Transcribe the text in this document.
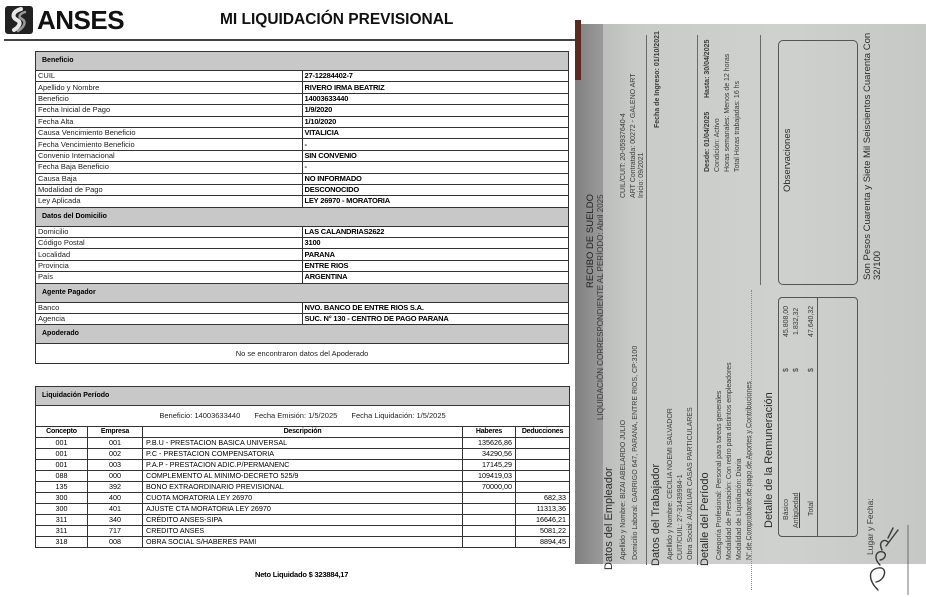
ANSES	MI LIQUIDACIÓN PREVISIONAL
Beneficio	
CUIL	27-12284402-7
Apellido y Nombre	RIVERO IRMA BEATRIZ
Beneficio	14003633440
Fecha Inicial de Pago	1/9/2020
Fecha Alta	1/10/2020
Causa Vencimiento Beneficio	VITALICIA
Fecha Vencimiento Beneficio	-
Convenio Internacional	SIN CONVENIO
Fecha Baja Beneficio	-
Causa Baja	NO INFORMADO
Modalidad de Pago	DESCONOCIDO
Ley Aplicada	LEY 26970 - MORATORIA
Datos del Domicilio	
Domicilio	LAS CALANDRIAS2622
Código Postal	3100
Localidad	PARANA
Provincia	ENTRE RIOS
País	ARGENTINA
Agente Pagador	
Banco	NVO. BANCO DE ENTRE RIOS S.A.
Agencia	SUC. N° 130 - CENTRO DE PAGO PARANA
Apoderado	
No se encontraron datos del Apoderado	
Liquidación Período				
Beneficio: 14003633440 Fecha Emisión: 1/5/2025 Fecha Liquidación: 1/5/2025				
Concepto	Empresa	Descripción	Haberes	Deducciones
001	001	P.B.U - PRESTACION BASICA UNIVERSAL	135626,86	
001	002	P.C - PRESTACION COMPENSATORIA	34290,56	
001	003	P.A.P - PRESTACION ADIC.P/PERMANENC	17145,29	
088	000	COMPLEMENTO AL MINIMO-DECRETO 525/9	109419,03	
135	392	BONO EXTRAORDINARIO PREVISIONAL	70000,00	
300	400	CUOTA MORATORIA LEY 26970		682,33
300	401	AJUSTE CTA MORATORIA LEY 26970		11313,36
311	340	CRÉDITO ANSES-SIPA		16646,21
311	717	CREDITO ANSES		5081,22
318	008	OBRA SOCIAL S/HABERES PAMI		8894,45
Neto Liquidado $ 323884,17
RECIBO DE SUELDO LIQUIDACIÓN CORRESPONDIENTE AL PERÍODO: Abril 2025
Datos del Empleador Apellido y Nombre: BIZAI ABELARDO JULIO Domicilio Laboral: GARRIGO 647, PARANA, ENTRE RIOS, CP:3100
CUIL/CUIT: 20-05937640-4 ART Contratada: 00272 - GALENO ART Inicio: 09/2021
Datos del Trabajador Apellido y Nombre: CECILIA NOEMI SALVADOR CUIT/CUIL: 27-31439984-1 Obra Social: AUXILIAR CASAS PARTICULARES
Fecha de Ingreso: 01/10/2021
Detalle del Período Categoría Profesional: Personal para tareas generales Modalidad de Prestación: Con retiro para distintos empleadores Modalidad de Liquidación: Diaria N° de Comprobante de pago de Aportes y Contribuciones
Desde: 01/04/2025
Hasta: 30/04/2025
Condición: Activo Horas semanales: Menos de 12 horas Total Horas trabajadas: 16 hs
Detalle de la Remuneración Básico
$
45.808,00
Antigüedad
$
1.832,32
Total
$
47.640,32
Observaciones	Son Pesos Cuarenta y Siete Mil Seiscientos Cuarenta Con 32/100
Lugar y Fecha:
